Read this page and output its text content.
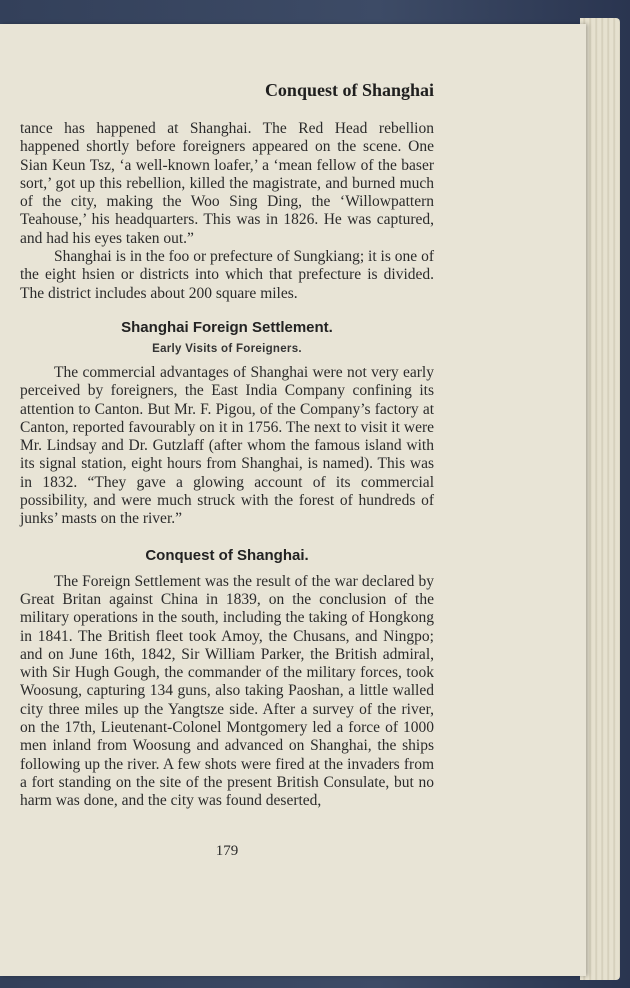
Conquest of Shanghai

tance has happened at Shanghai. The Red Head rebellion happened shortly before foreigners appeared on the scene. One Sian Keun Tsz, ‘a well-known loafer,’ a ‘mean fellow of the baser sort,’ got up this rebellion, killed the magistrate, and burned much of the city, making the Woo Sing Ding, the ‘Willowpattern Teahouse,’ his headquarters. This was in 1826. He was captured, and had his eyes taken out.”

Shanghai is in the foo or prefecture of Sungkiang; it is one of the eight hsien or districts into which that prefecture is divided. The district includes about 200 square miles.

Shanghai Foreign Settlement.
Early Visits of Foreigners.

The commercial advantages of Shanghai were not very early perceived by foreigners, the East India Company confining its attention to Canton. But Mr. F. Pigou, of the Company’s factory at Canton, reported favourably on it in 1756. The next to visit it were Mr. Lindsay and Dr. Gutzlaff (after whom the famous island with its signal station, eight hours from Shanghai, is named). This was in 1832. “They gave a glowing account of its commercial possibility, and were much struck with the forest of hundreds of junks’ masts on the river.”

Conquest of Shanghai.

The Foreign Settlement was the result of the war declared by Great Britan against China in 1839, on the conclusion of the military operations in the south, including the taking of Hongkong in 1841. The British fleet took Amoy, the Chusans, and Ningpo; and on June 16th, 1842, Sir William Parker, the British admiral, with Sir Hugh Gough, the commander of the military forces, took Woosung, capturing 134 guns, also taking Paoshan, a little walled city three miles up the Yangtsze side. After a survey of the river, on the 17th, Lieutenant-Colonel Montgomery led a force of 1000 men inland from Woosung and advanced on Shanghai, the ships following up the river. A few shots were fired at the invaders from a fort standing on the site of the present British Consulate, but no harm was done, and the city was found deserted,

179
